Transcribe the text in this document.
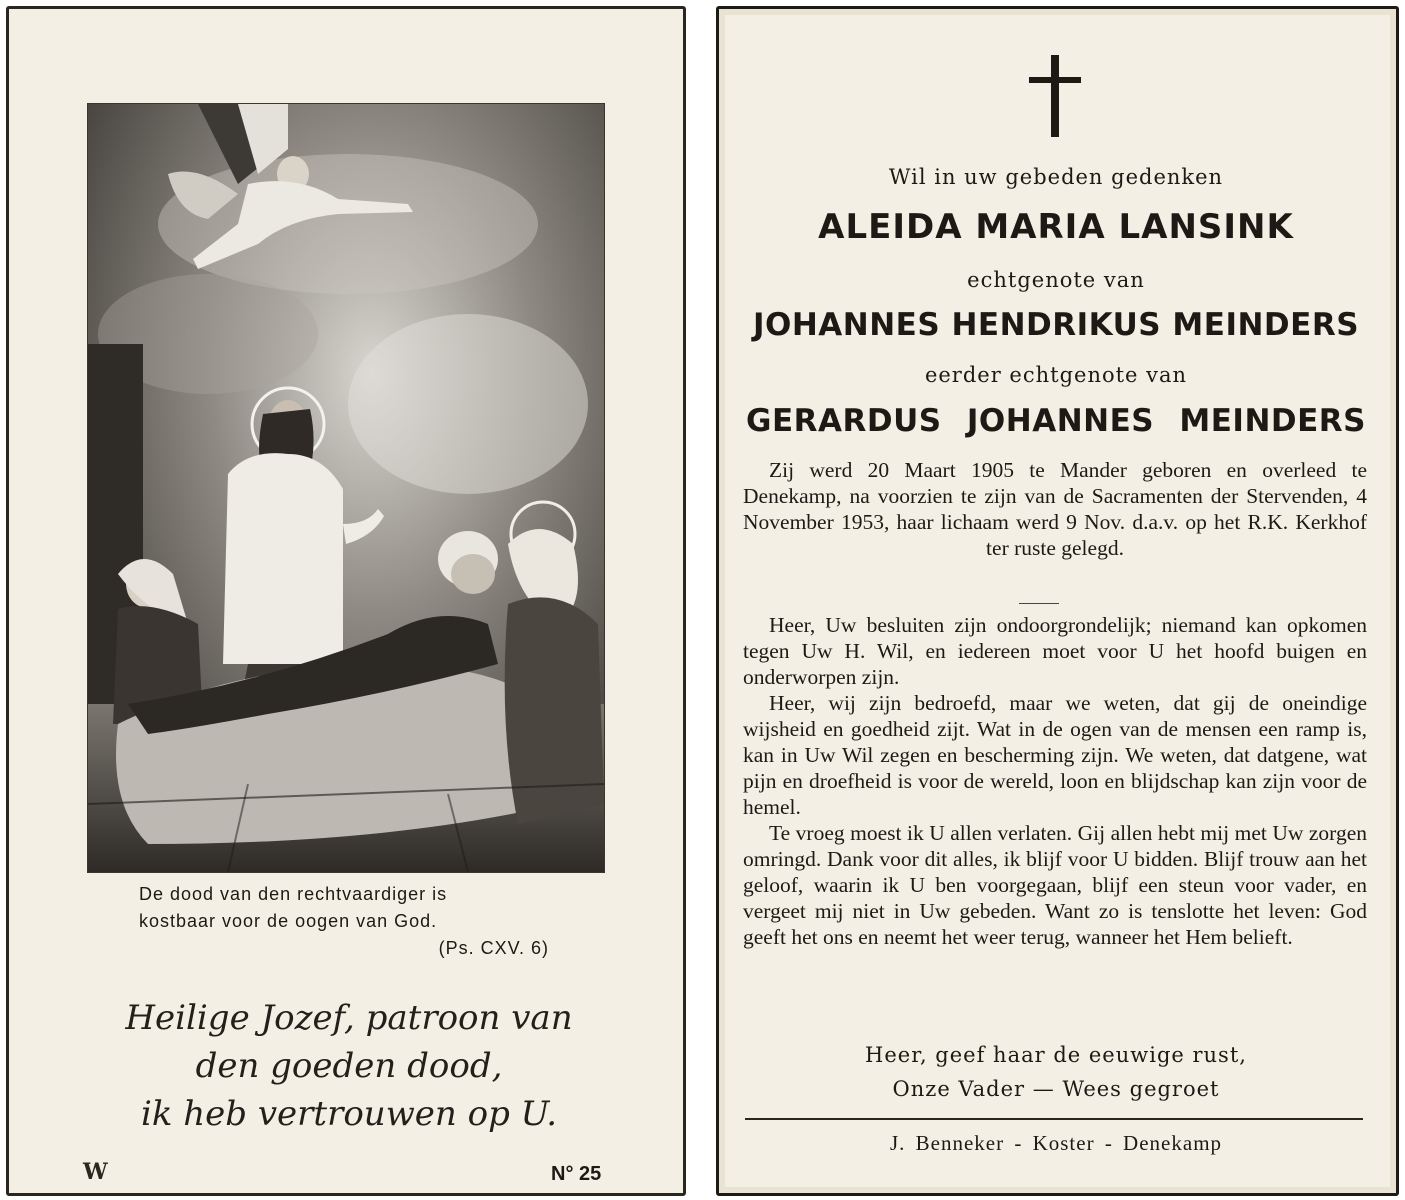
De dood van den rechtvaardiger is
kostbaar voor de oogen van God.
(Ps. CXV. 6)
Heilige Jozef, patroon van
den goeden dood,
ik heb vertrouwen op U.
W	N° 25
Wil in uw gebeden gedenken
ALEIDA MARIA LANSINK
echtgenote van
JOHANNES HENDRIKUS MEINDERS
eerder echtgenote van
GERARDUS JOHANNES MEINDERS

Zij werd 20 Maart 1905 te Mander geboren en overleed te Denekamp, na voorzien te zijn van de Sacramenten der Stervenden, 4 November 1953, haar lichaam werd 9 Nov. d.a.v. op het R.K. Kerkhof ter ruste gelegd.

Heer, Uw besluiten zijn ondoorgrondelijk; niemand kan opkomen tegen Uw H. Wil, en iedereen moet voor U het hoofd buigen en onderworpen zijn.

Heer, wij zijn bedroefd, maar we weten, dat gij de oneindige wijsheid en goedheid zijt. Wat in de ogen van de mensen een ramp is, kan in Uw Wil zegen en bescherming zijn. We weten, dat datgene, wat pijn en droefheid is voor de wereld, loon en blijdschap kan zijn voor de hemel.

Te vroeg moest ik U allen verlaten. Gij allen hebt mij met Uw zorgen omringd. Dank voor dit alles, ik blijf voor U bidden. Blijf trouw aan het geloof, waarin ik U ben voorgegaan, blijf een steun voor vader, en vergeet mij niet in Uw gebeden. Want zo is tenslotte het leven: God geeft het ons en neemt het weer terug, wanneer het Hem belieft.

Heer, geef haar de eeuwige rust,
Onze Vader — Wees gegroet
J. Benneker - Koster - Denekamp
